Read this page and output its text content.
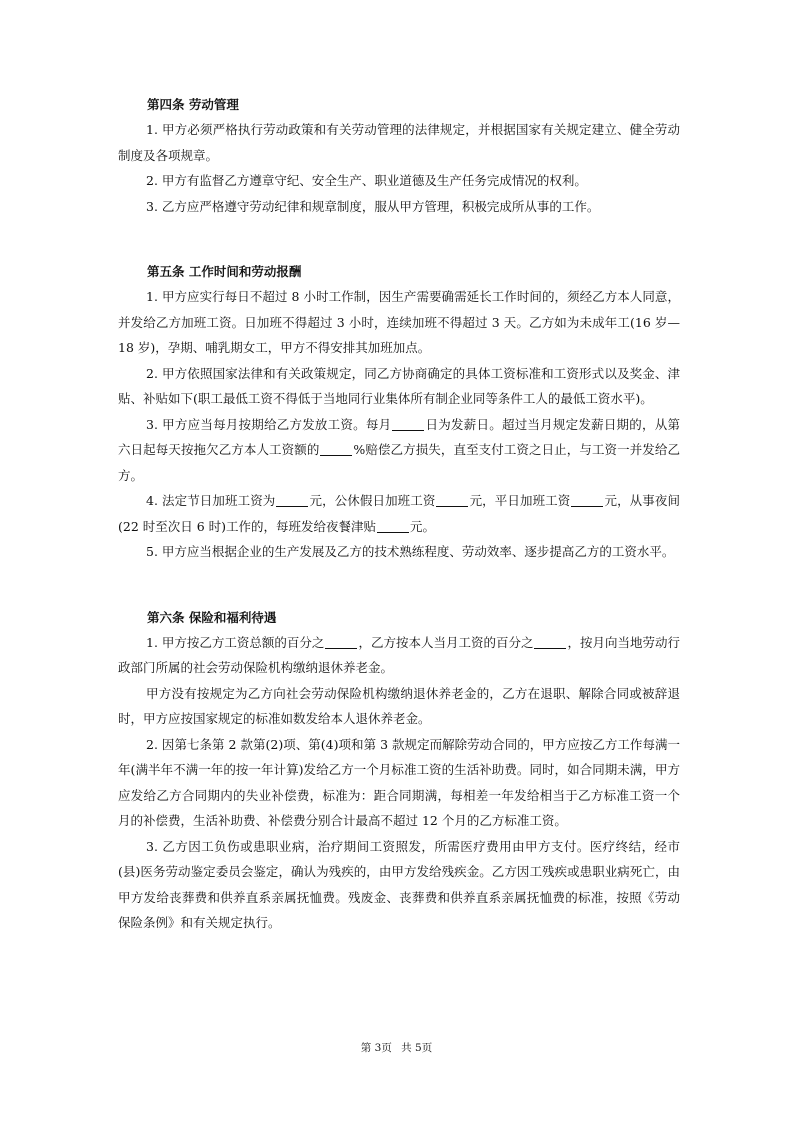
第四条 劳动管理

1. 甲方必须严格执行劳动政策和有关劳动管理的法律规定，并根据国家有关规定建立、健全劳动制度及各项规章。

2. 甲方有监督乙方遵章守纪、安全生产、职业道德及生产任务完成情况的权利。

3. 乙方应严格遵守劳动纪律和规章制度，服从甲方管理，积极完成所从事的工作。

第五条 工作时间和劳动报酬

1. 甲方应实行每日不超过 8 小时工作制，因生产需要确需延长工作时间的，须经乙方本人同意，并发给乙方加班工资。日加班不得超过 3 小时，连续加班不得超过 3 天。乙方如为未成年工(16 岁—18 岁)，孕期、哺乳期女工，甲方不得安排其加班加点。

2. 甲方依照国家法律和有关政策规定，同乙方协商确定的具体工资标准和工资形式以及奖金、津贴、补贴如下(职工最低工资不得低于当地同行业集体所有制企业同等条件工人的最低工资水平)。

3. 甲方应当每月按期给乙方发放工资。每月	日为发薪日。超过当月规定发薪日期的，从第六日起每天按拖欠乙方本人工资额的	%赔偿乙方损失，直至支付工资之日止，与工资一并发给乙方。

4. 法定节日加班工资为	元，公休假日加班工资	元，平日加班工资	元，从事夜间(22 时至次日 6 时)工作的，每班发给夜餐津贴	元。

5. 甲方应当根据企业的生产发展及乙方的技术熟练程度、劳动效率、逐步提高乙方的工资水平。

第六条 保险和福利待遇

1. 甲方按乙方工资总额的百分之	，乙方按本人当月工资的百分之	，按月向当地劳动行政部门所属的社会劳动保险机构缴纳退休养老金。

甲方没有按规定为乙方向社会劳动保险机构缴纳退休养老金的，乙方在退职、解除合同或被辞退时，甲方应按国家规定的标准如数发给本人退休养老金。

2. 因第七条第 2 款第(2)项、第(4)项和第 3 款规定而解除劳动合同的，甲方应按乙方工作每满一年(满半年不满一年的按一年计算)发给乙方一个月标准工资的生活补助费。同时，如合同期未满，甲方应发给乙方合同期内的失业补偿费，标准为：距合同期满，每相差一年发给相当于乙方标准工资一个月的补偿费，生活补助费、补偿费分别合计最高不超过 12 个月的乙方标准工资。

3. 乙方因工负伤或患职业病，治疗期间工资照发，所需医疗费用由甲方支付。医疗终结，经市(县)医务劳动鉴定委员会鉴定，确认为残疾的，由甲方发给残疾金。乙方因工残疾或患职业病死亡，由甲方发给丧葬费和供养直系亲属抚恤费。残废金、丧葬费和供养直系亲属抚恤费的标准，按照《劳动保险条例》和有关规定执行。

第 3页 共 5页
